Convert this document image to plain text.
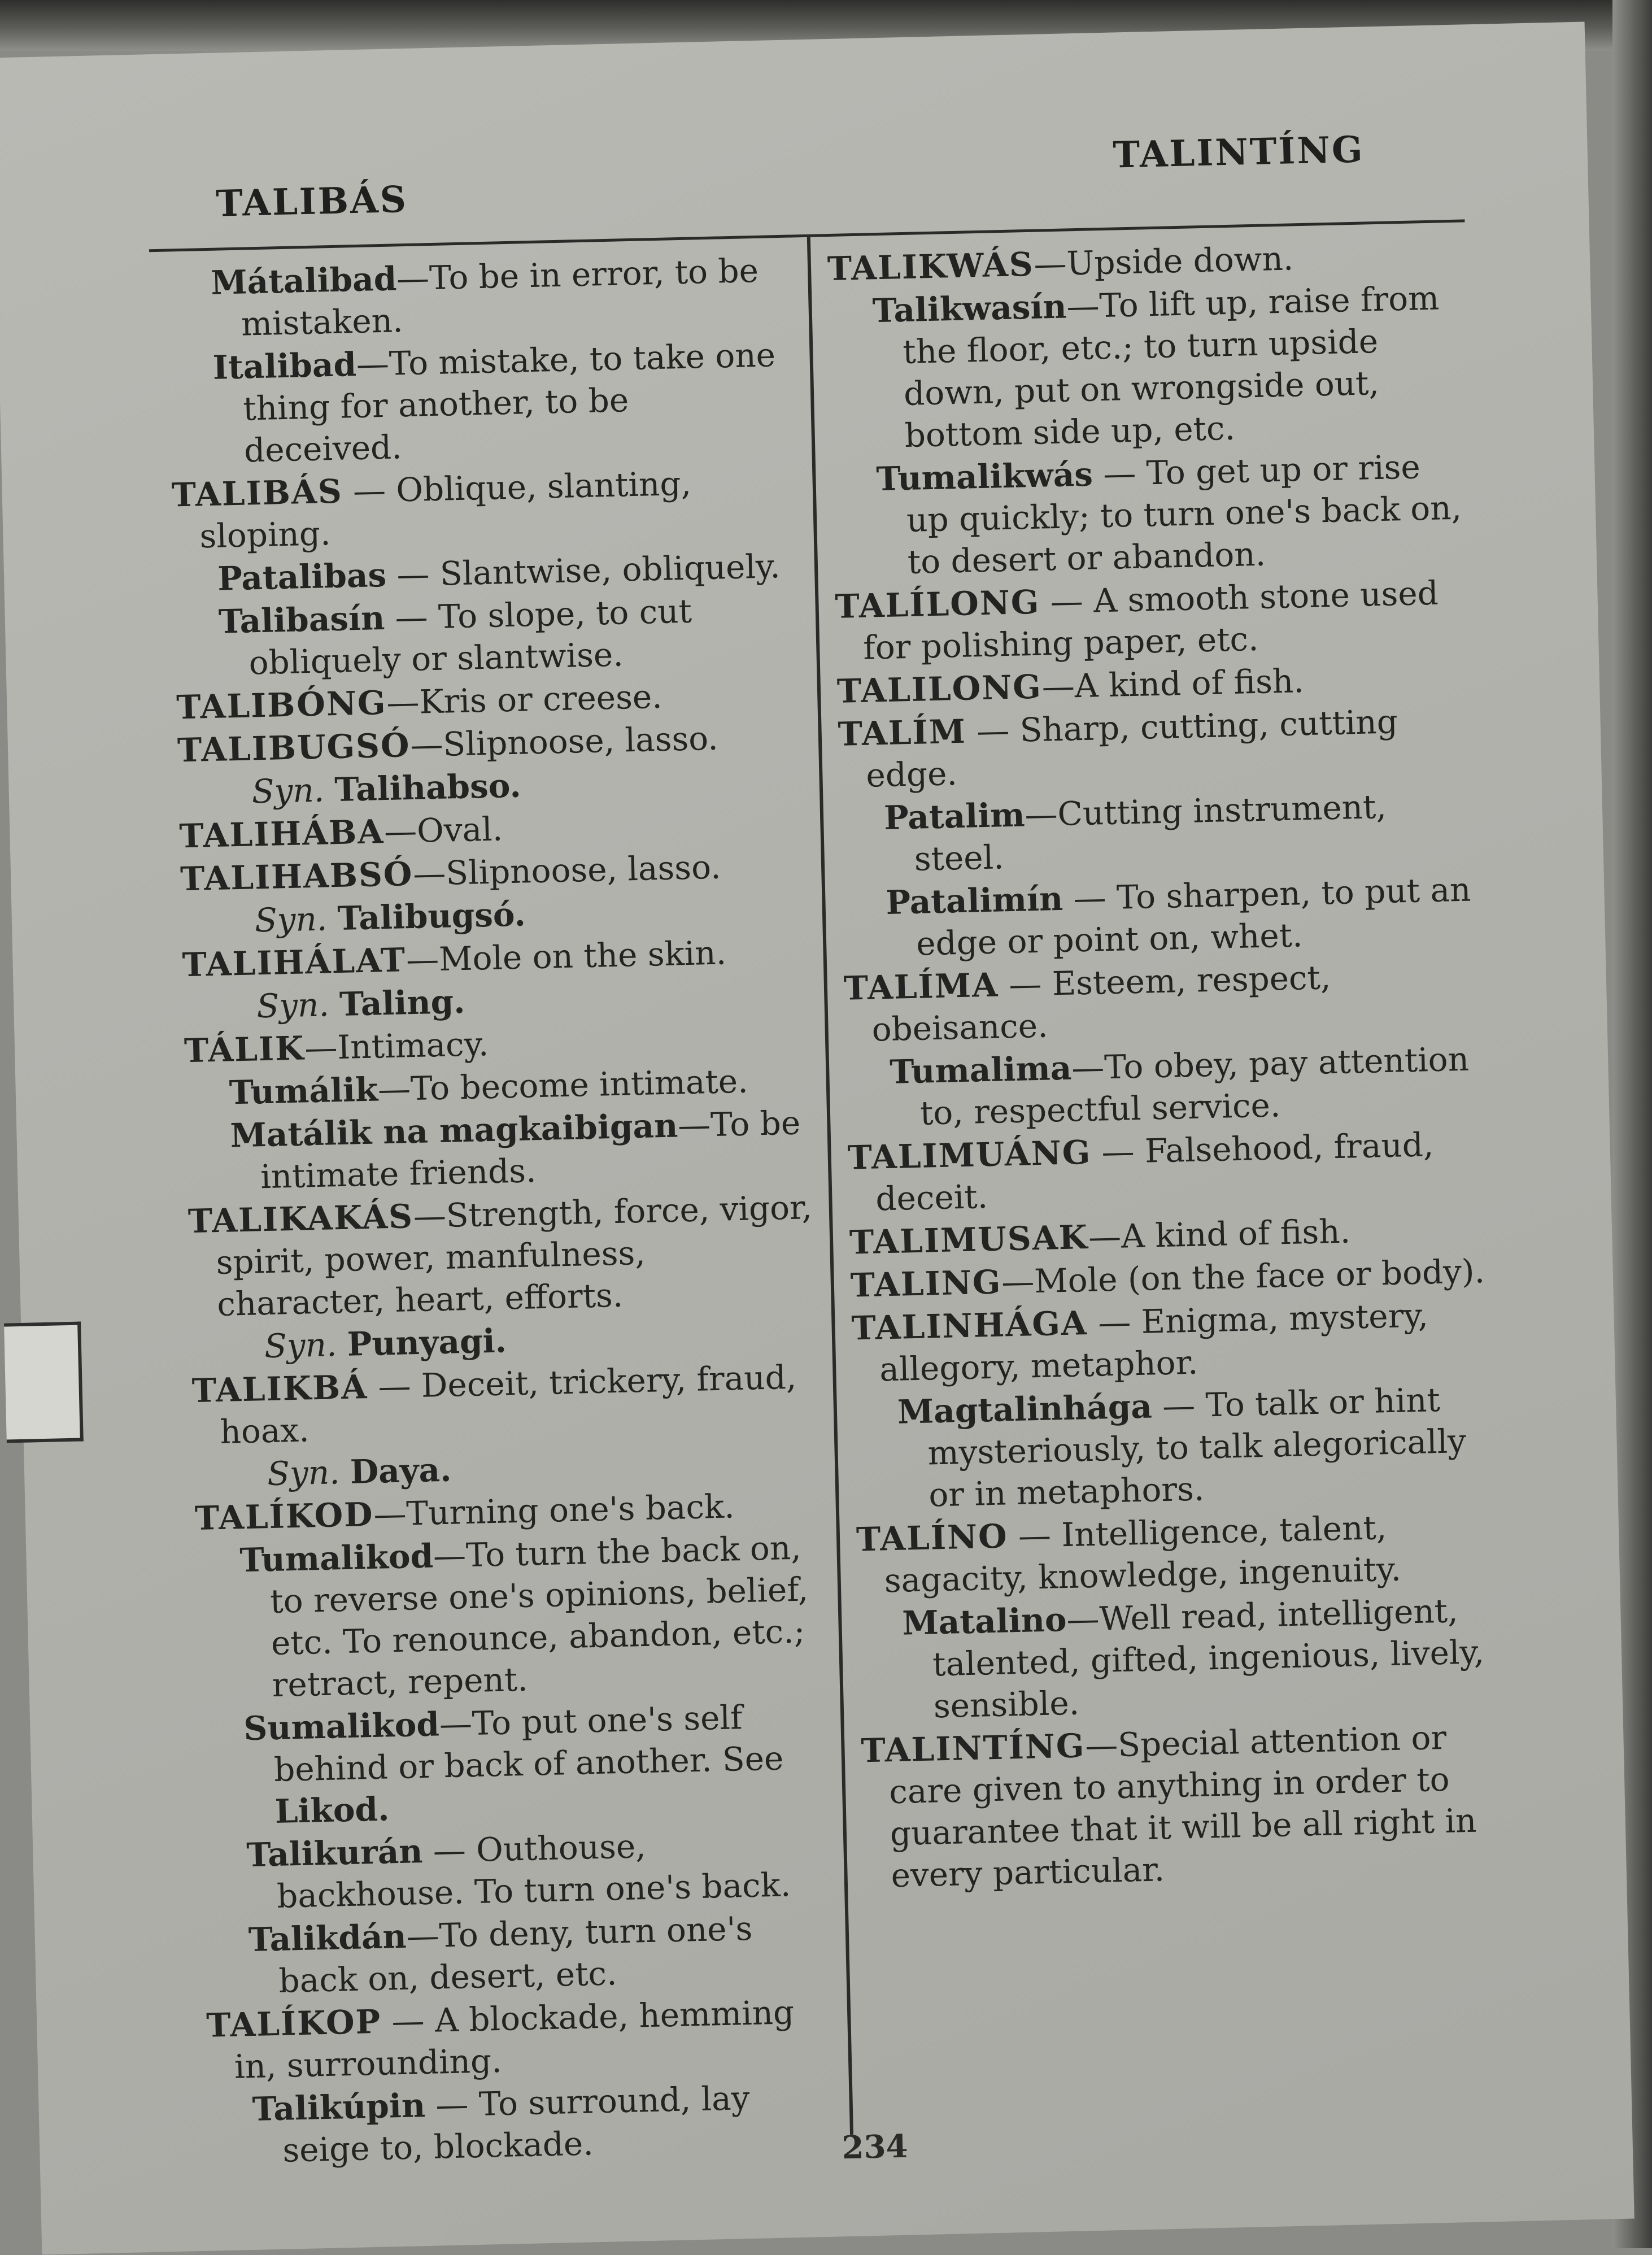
TALIBÁS
TALINTÍNG
Mátalibad—To be in error, to be mistaken.
Italibad—To mistake, to take one thing for another, to be deceived.
TALIBÁS — Oblique, slanting, sloping.
Patalibas — Slantwise, obliquely.
Talibasín — To slope, to cut obliquely or slantwise.
TALIBÓNG—Kris or creese.
TALIBUGSÓ—Slipnoose, lasso.
Syn. Talihabso.
TALIHÁBA—Oval.
TALIHABSÓ—Slipnoose, lasso.
Syn. Talibugsó.
TALIHÁLAT—Mole on the skin.
Syn. Taling.
TÁLIK—Intimacy.
Tumálik—To become intimate.
Matálik na magkaibigan—To be intimate friends.
TALIKAKÁS—Strength, force, vigor, spirit, power, manfulness, character, heart, efforts.
Syn. Punyagi.
TALIKBÁ — Deceit, trickery, fraud, hoax.
Syn. Daya.
TALÍKOD—Turning one's back.
Tumalikod—To turn the back on, to reverse one's opinions, belief, etc. To renounce, abandon, etc.; retract, repent.
Sumalikod—To put one's self behind or back of another. See Likod.
Talikurán — Outhouse, backhouse. To turn one's back.
Talikdán—To deny, turn one's back on, desert, etc.
TALÍKOP — A blockade, hemming in, surrounding.
Talikúpin — To surround, lay seige to, blockade.
TALIKWÁS—Upside down.
Talikwasín—To lift up, raise from the floor, etc.; to turn upside down, put on wrongside out, bottom side up, etc.
Tumalikwás — To get up or rise up quickly; to turn one's back on, to desert or abandon.
TALÍLONG — A smooth stone used for polishing paper, etc.
TALILONG—A kind of fish.
TALÍM — Sharp, cutting, cutting edge.
Patalim—Cutting instrument, steel.
Patalimín — To sharpen, to put an edge or point on, whet.
TALÍMA — Esteem, respect, obeisance.
Tumalima—To obey, pay attention to, respectful service.
TALIMUÁNG — Falsehood, fraud, deceit.
TALIMUSAK—A kind of fish.
TALING—Mole (on the face or body).
TALINHÁGA — Enigma, mystery, allegory, metaphor.
Magtalinhága — To talk or hint mysteriously, to talk alegorically or in metaphors.
TALÍNO — Intelligence, talent, sagacity, knowledge, ingenuity.
Matalino—Well read, intelligent, talented, gifted, ingenious, lively, sensible.
TALINTÍNG—Special attention or care given to anything in order to guarantee that it will be all right in every particular.
234
